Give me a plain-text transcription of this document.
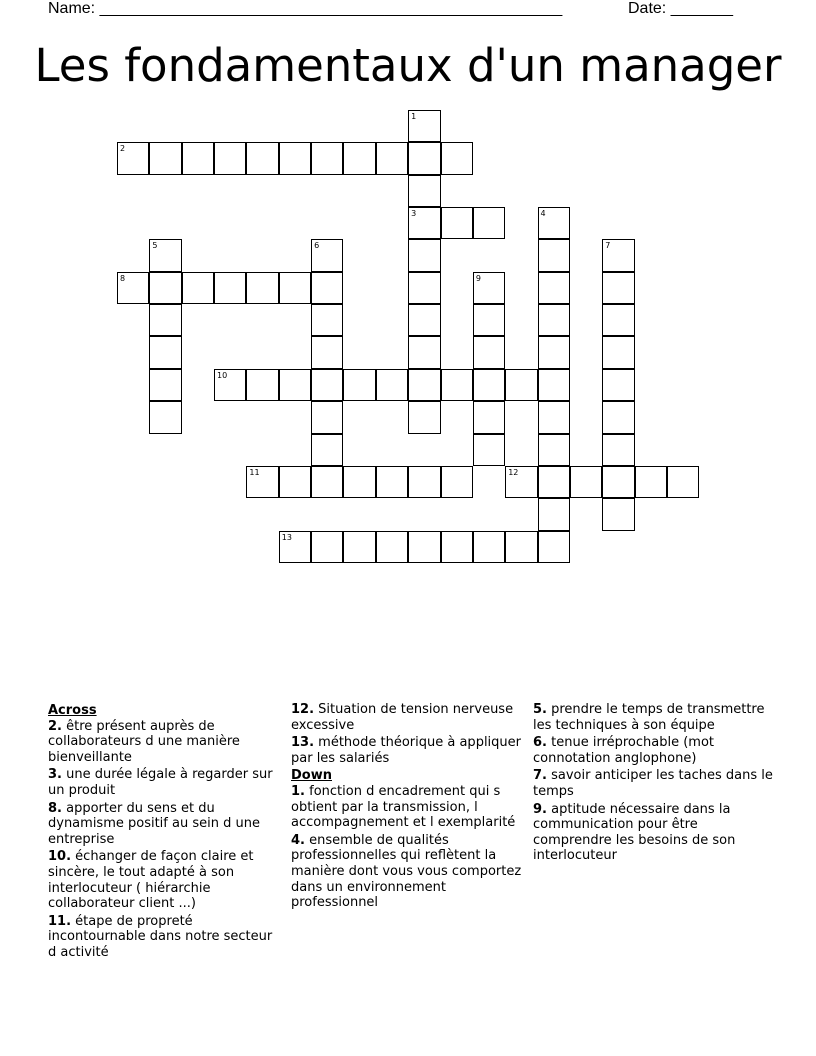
Name: ____________________________________________________	Date: _______
Les fondamentaux d'un manager
1
3
2
4
5	6	7
8	9
10
11	12
13
Across
2. être présent auprès de collaborateurs d une manière bienveillante
3. une durée légale à regarder sur un produit
8. apporter du sens et du dynamisme positif au sein d une entreprise
10. échanger de façon claire et sincère, le tout adapté à son interlocuteur ( hiérarchie collaborateur client ...)
11. étape de propreté incontournable dans notre secteur d activité
12. Situation de tension nerveuse excessive
13. méthode théorique à appliquer par les salariés
Down
1. fonction d encadrement qui s obtient par la transmission, l accompagnement et l exemplarité
4. ensemble de qualités professionnelles qui reflètent la manière dont vous vous comportez dans un environnement professionnel
5. prendre le temps de transmettre les techniques à son équipe
6. tenue irréprochable (mot connotation anglophone)
7. savoir anticiper les taches dans le temps
9. aptitude nécessaire dans la communication pour être comprendre les besoins de son interlocuteur
